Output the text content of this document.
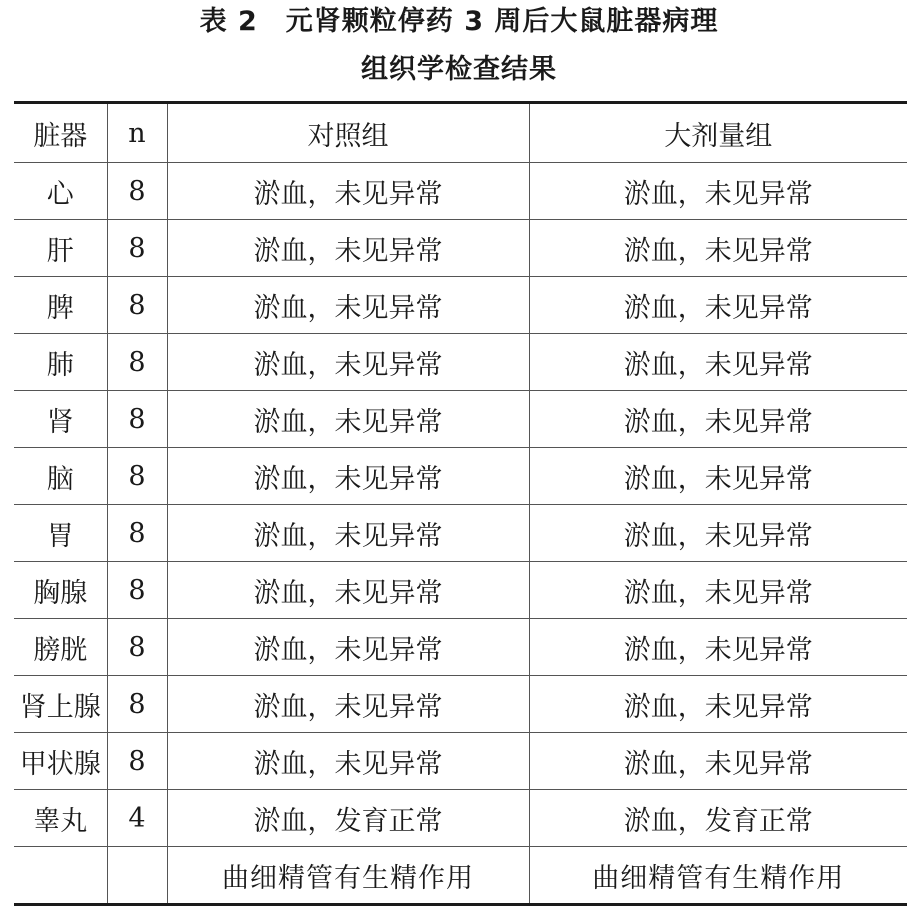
表 2 元肾颗粒停药 3 周后大鼠脏器病理
组织学检查结果
脏器	n	对照组	大剂量组
心	8	淤血，未见异常	淤血，未见异常
肝	8	淤血，未见异常	淤血，未见异常
脾	8	淤血，未见异常	淤血，未见异常
肺	8	淤血，未见异常	淤血，未见异常
肾	8	淤血，未见异常	淤血，未见异常
脑	8	淤血，未见异常	淤血，未见异常
胃	8	淤血，未见异常	淤血，未见异常
胸腺	8	淤血，未见异常	淤血，未见异常
膀胱	8	淤血，未见异常	淤血，未见异常
肾上腺	8	淤血，未见异常	淤血，未见异常
甲状腺	8	淤血，未见异常	淤血，未见异常
睾丸	4	淤血，发育正常	淤血，发育正常
		曲细精管有生精作用	曲细精管有生精作用
